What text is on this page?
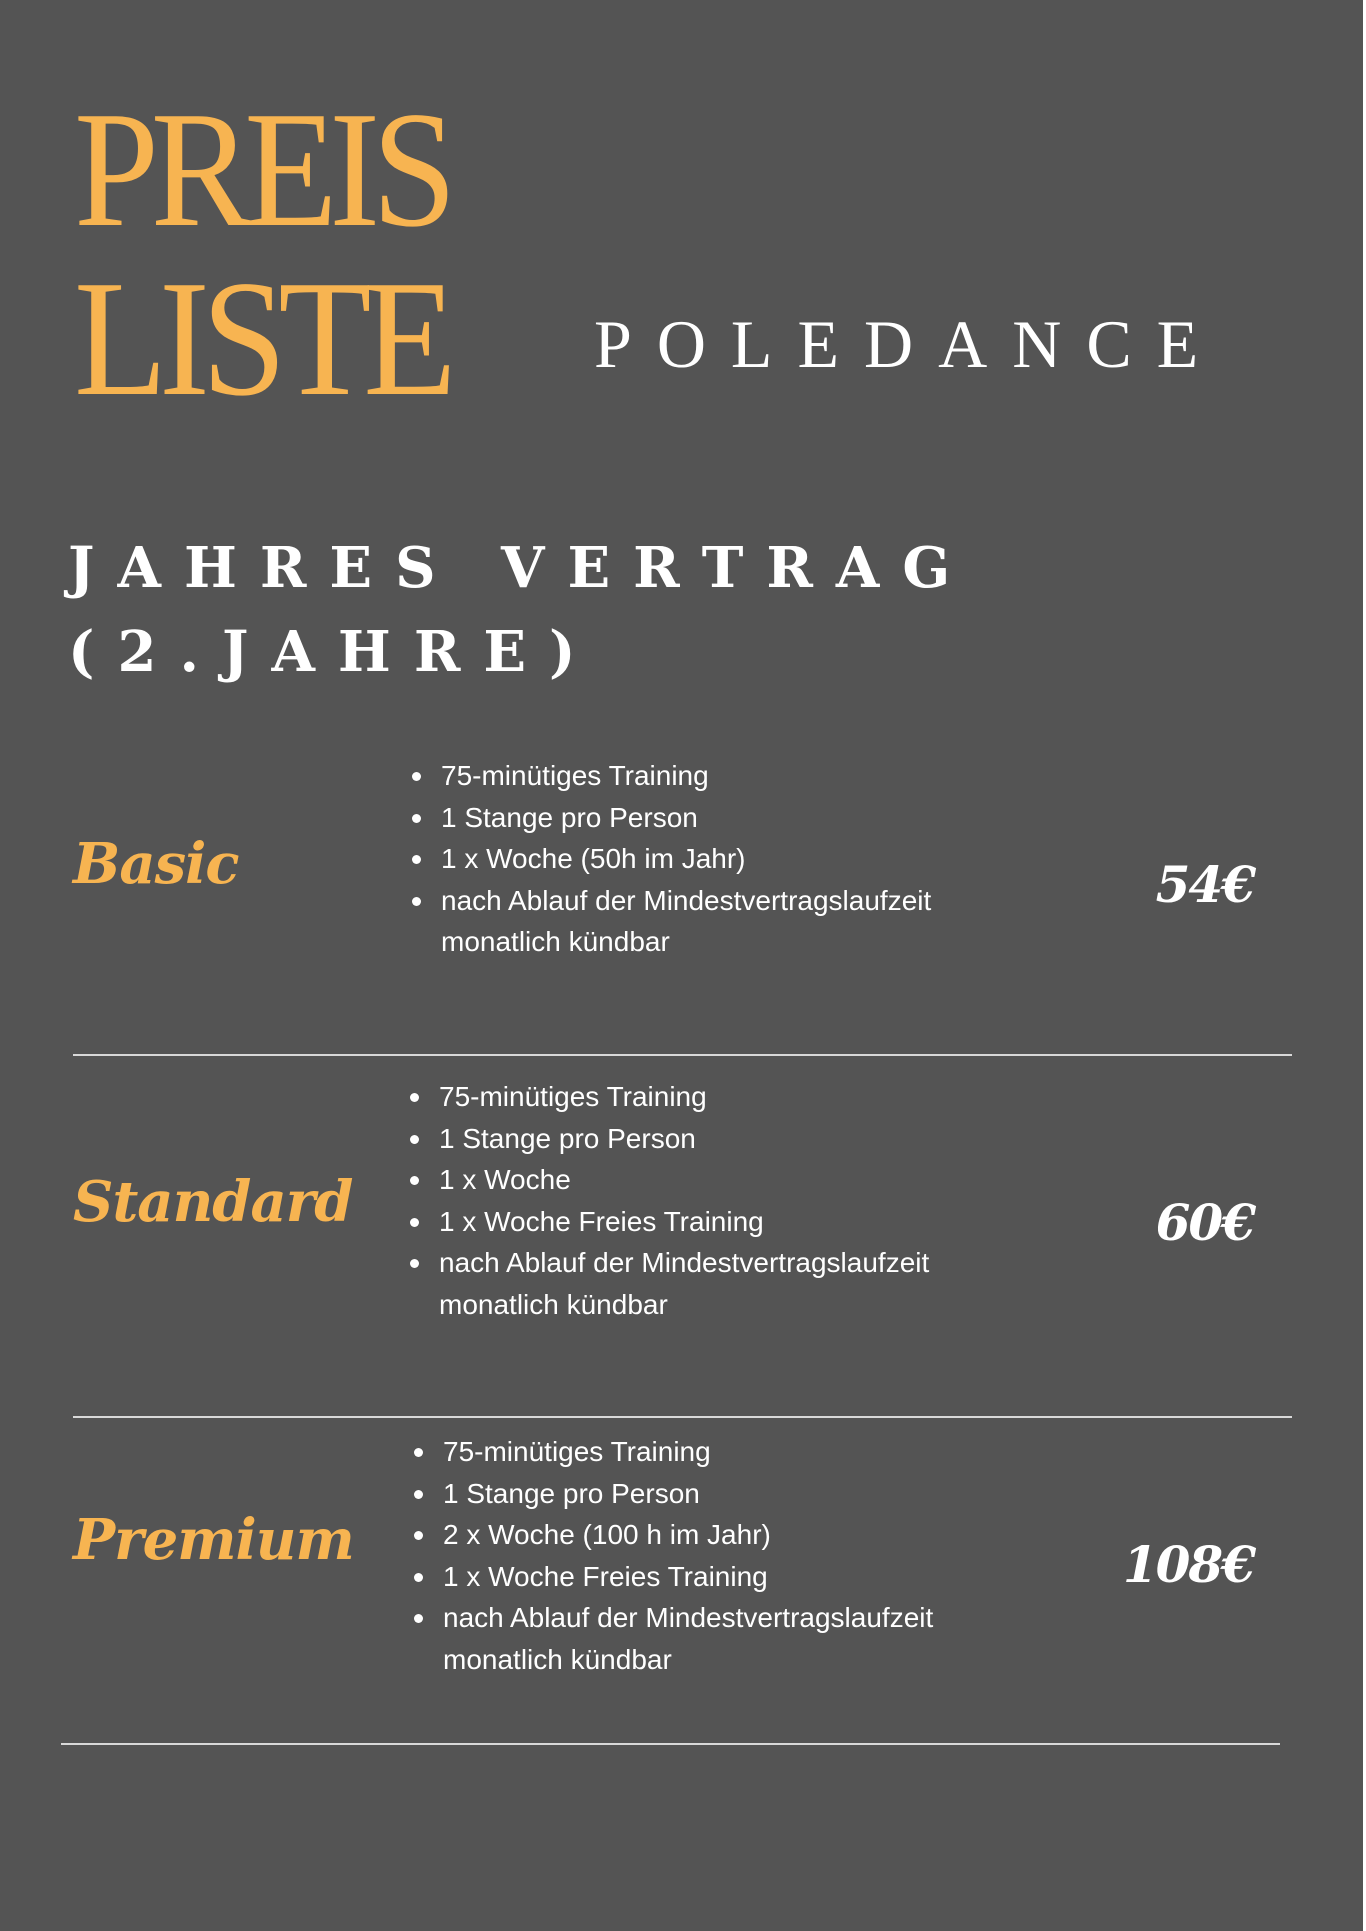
PREIS
LISTE POLEDANCE
JAHRES VERTRAG
(2.JAHRE)
Basic
75-minütiges Training
1 Stange pro Person
1 x Woche (50h im Jahr)
nach Ablauf der Mindestvertragslaufzeit monatlich kündbar
54€
Standard
75-minütiges Training
1 Stange pro Person
1 x Woche
1 x Woche Freies Training
nach Ablauf der Mindestvertragslaufzeit monatlich kündbar
60€
Premium
75-minütiges Training
1 Stange pro Person
2 x Woche (100 h im Jahr)
1 x Woche Freies Training
nach Ablauf der Mindestvertragslaufzeit monatlich kündbar
108€
